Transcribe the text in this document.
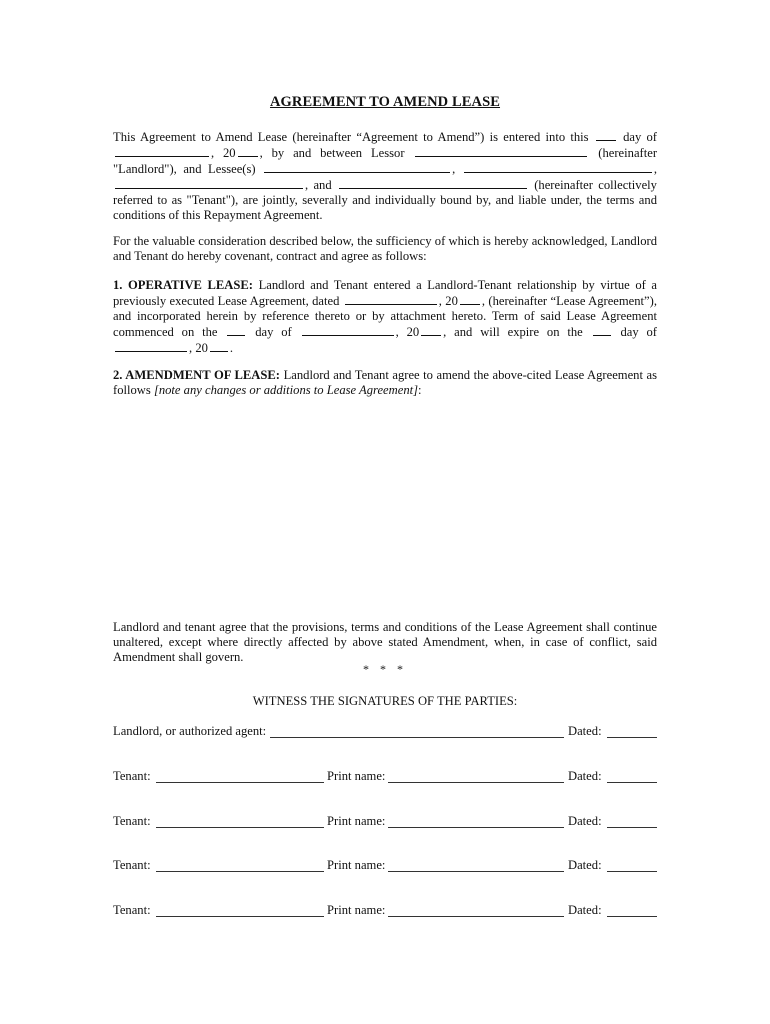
AGREEMENT TO AMEND LEASE
This Agreement to Amend Lease (hereinafter “Agreement to Amend”) is entered into this	day of , 20 , by and between Lessor	(hereinafter "Landlord"), and Lessee(s)	,	, , and	(hereinafter collectively referred to as "Tenant"), are jointly, severally and individually bound by, and liable under, the terms and conditions of this Repayment Agreement.
For the valuable consideration described below, the sufficiency of which is hereby acknowledged, Landlord and Tenant do hereby covenant, contract and agree as follows:
1. OPERATIVE LEASE: Landlord and Tenant entered a Landlord-Tenant relationship by virtue of a previously executed Lease Agreement, dated	, 20 , (hereinafter “Lease Agreement”), and incorporated herein by reference thereto or by attachment hereto. Term of said Lease Agreement commenced on the	day of	, 20 , and will expire on the	day of, 20 .
2. AMENDMENT OF LEASE: Landlord and Tenant agree to amend the above-cited Lease Agreement as follows [note any changes or additions to Lease Agreement]:
Landlord and tenant agree that the provisions, terms and conditions of the Lease Agreement shall continue unaltered, except where directly affected by above stated Amendment, when, in case of conflict, said Amendment shall govern.
* * *
WITNESS THE SIGNATURES OF THE PARTIES:
Landlord, or authorized agent:	Dated:
Tenant:	Print name:	Dated:
Tenant:	Print name:	Dated:
Tenant:	Print name:	Dated:
Tenant:	Print name:	Dated:
